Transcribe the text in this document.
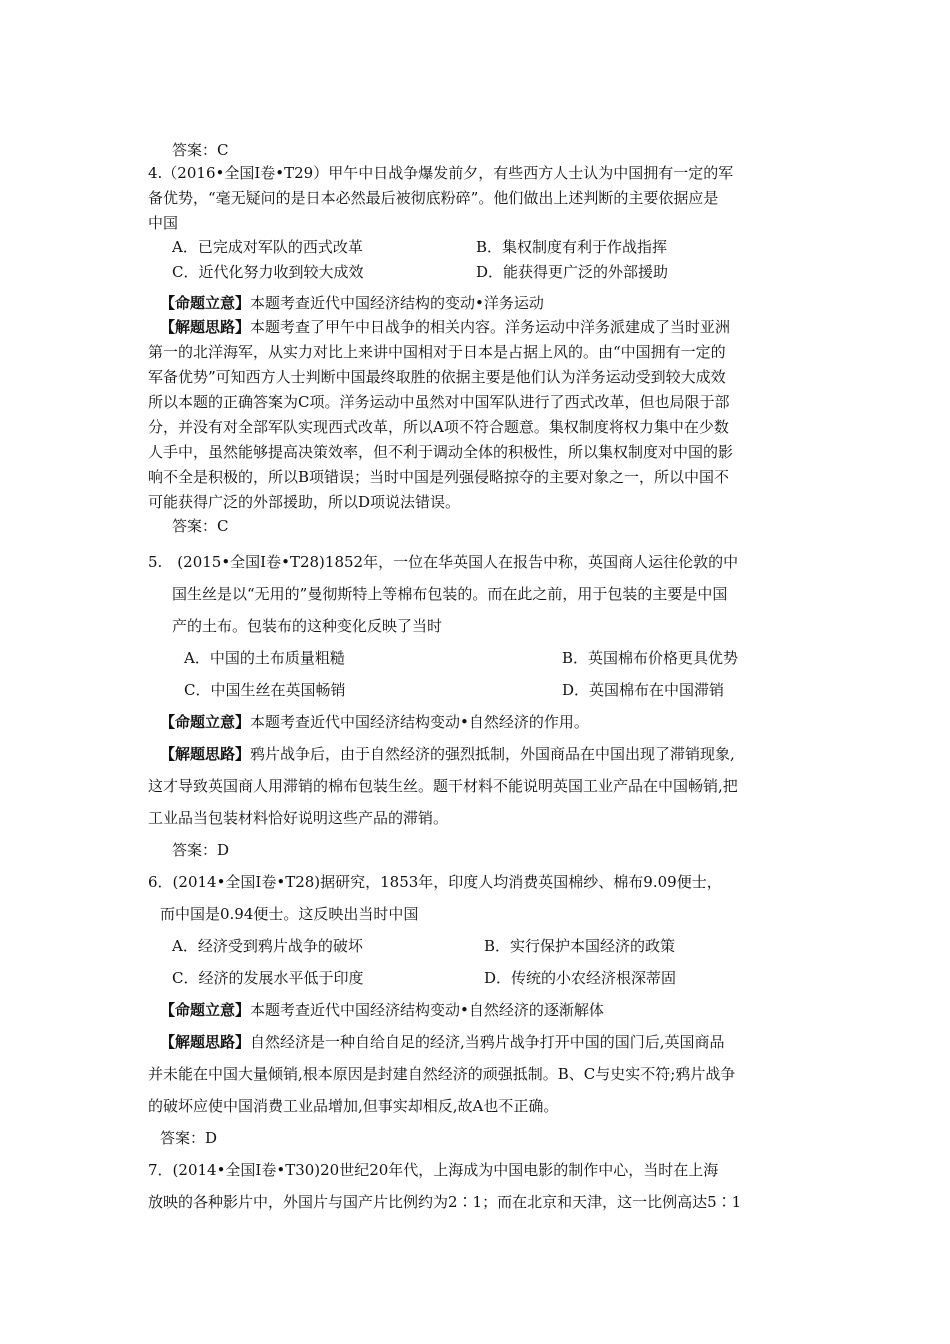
答案：C
4.（2016•全国Ⅰ卷•T29）甲午中日战争爆发前夕，有些西方人士认为中国拥有一定的军
备优势，“毫无疑问的是日本必然最后被彻底粉碎”。他们做出上述判断的主要依据应是
中国
A．已完成对军队的西式改革	B．集权制度有利于作战指挥
C．近代化努力收到较大成效	D．能获得更广泛的外部援助
【命题立意】本题考查近代中国经济结构的变动•洋务运动
【解题思路】本题考查了甲午中日战争的相关内容。洋务运动中洋务派建成了当时亚洲
第一的北洋海军，从实力对比上来讲中国相对于日本是占据上风的。由“中国拥有一定的
军备优势”可知西方人士判断中国最终取胜的依据主要是他们认为洋务运动受到较大成效
所以本题的正确答案为C项。洋务运动中虽然对中国军队进行了西式改革，但也局限于部
分，并没有对全部军队实现西式改革，所以A项不符合题意。集权制度将权力集中在少数
人手中，虽然能够提高决策效率，但不利于调动全体的积极性，所以集权制度对中国的影
响不全是积极的，所以B项错误；当时中国是列强侵略掠夺的主要对象之一，所以中国不
可能获得广泛的外部援助，所以D项说法错误。
答案：C
5.　(2015•全国Ⅰ卷•T28)1852年，一位在华英国人在报告中称，英国商人运往伦敦的中
国生丝是以“无用的”曼彻斯特上等棉布包装的。而在此之前，用于包装的主要是中国
产的土布。包装布的这种变化反映了当时
A．中国的土布质量粗糙	B．英国棉布价格更具优势
C．中国生丝在英国畅销	D．英国棉布在中国滞销
【命题立意】本题考查近代中国经济结构变动•自然经济的作用。
【解题思路】鸦片战争后，由于自然经济的强烈抵制，外国商品在中国出现了滞销现象,
这才导致英国商人用滞销的棉布包装生丝。题干材料不能说明英国工业产品在中国畅销,把
工业品当包装材料恰好说明这些产品的滞销。
答案：D
6．(2014•全国Ⅰ卷•T28)据研究，1853年，印度人均消费英国棉纱、棉布9.09便士，
而中国是0.94便士。这反映出当时中国
A．经济受到鸦片战争的破坏	B．实行保护本国经济的政策
C．经济的发展水平低于印度	D．传统的小农经济根深蒂固
【命题立意】本题考查近代中国经济结构变动•自然经济的逐渐解体
【解题思路】自然经济是一种自给自足的经济,当鸦片战争打开中国的国门后,英国商品
并未能在中国大量倾销,根本原因是封建自然经济的顽强抵制。B、C与史实不符;鸦片战争
的破坏应使中国消费工业品增加,但事实却相反,故A也不正确。
答案：D
7．(2014•全国Ⅰ卷•T30)20世纪20年代，上海成为中国电影的制作中心，当时在上海
放映的各种影片中，外国片与国产片比例约为2∶1；而在北京和天津，这一比例高达5∶1
